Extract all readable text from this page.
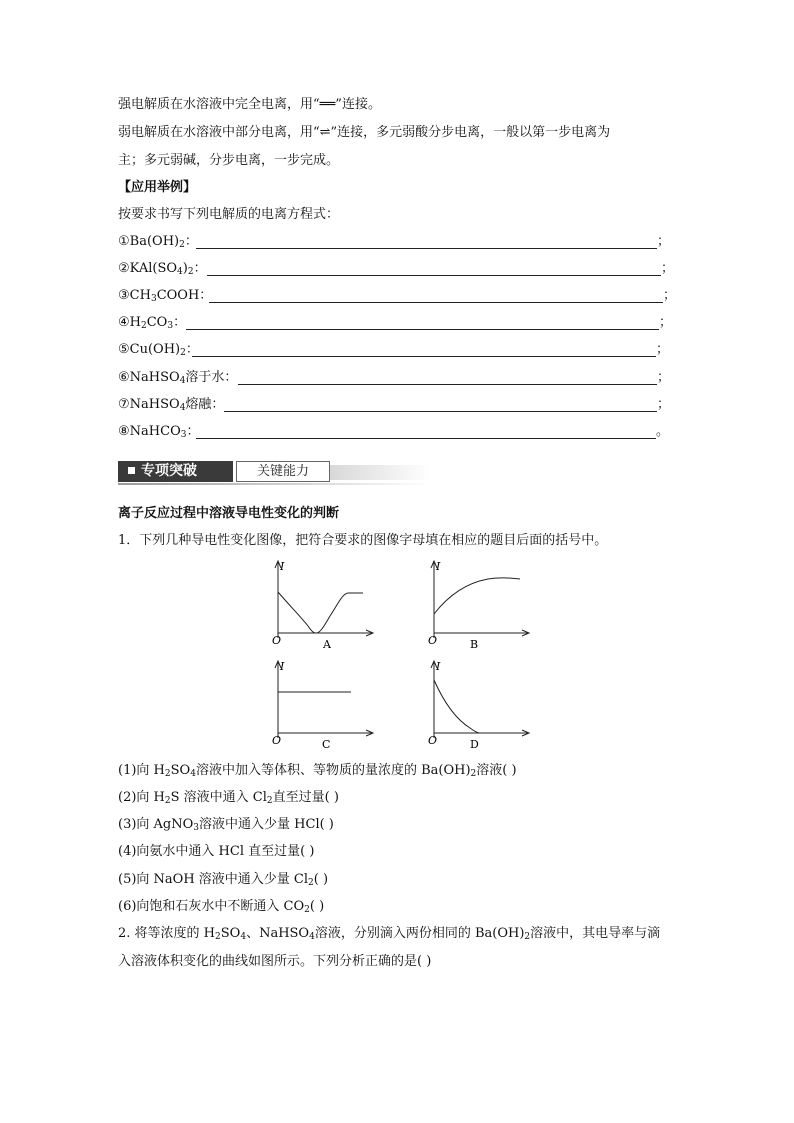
强电解质在水溶液中完全电离，用“══”连接。
弱电解质在水溶液中部分电离，用“⇌”连接，多元弱酸分步电离，一般以第一步电离为
主；多元弱碱，分步电离，一步完成。
【应用举例】
按要求书写下列电解质的电离方程式：
$①Ba(OH)_2$：	；
$②KAl(SO_4)_2$：	；
$③CH_3COOH$：	；
$④H_2CO_3$：	；
$⑤Cu(OH)_2$：	；
⑥NaHSO$_4$溶于水：	；
⑦NaHSO$_4$熔融：	；
⑧NaHCO$_3$：	。
专项突破	关键能力
离子反应过程中溶液导电性变化的判断
1．下列几种导电性变化图像，把符合要求的图像字母填在相应的题目后面的括号中。
I
O	A
I
O	B
I
O	C
I
O	D
(1)向 $H_2SO_4$溶液中加入等体积、等物质的量浓度的 $Ba(OH)_2$溶液( )
(2)向 $H_2S$ 溶液中通入 $Cl_2$直至过量( )
(3)向 AgNO$_3$溶液中通入少量 HCl( )
(4)向氨水中通入 HCl 直至过量( )
(5)向 NaOH 溶液中通入少量 $Cl_2$( )
(6)向饱和石灰水中不断通入 $CO_2$( )
2. 将等浓度的 $H_2SO_4$、NaHSO$_4$溶液，分别滴入两份相同的 $Ba(OH)_2$溶液中，其电导率与滴
入溶液体积变化的曲线如图所示。下列分析正确的是( )
